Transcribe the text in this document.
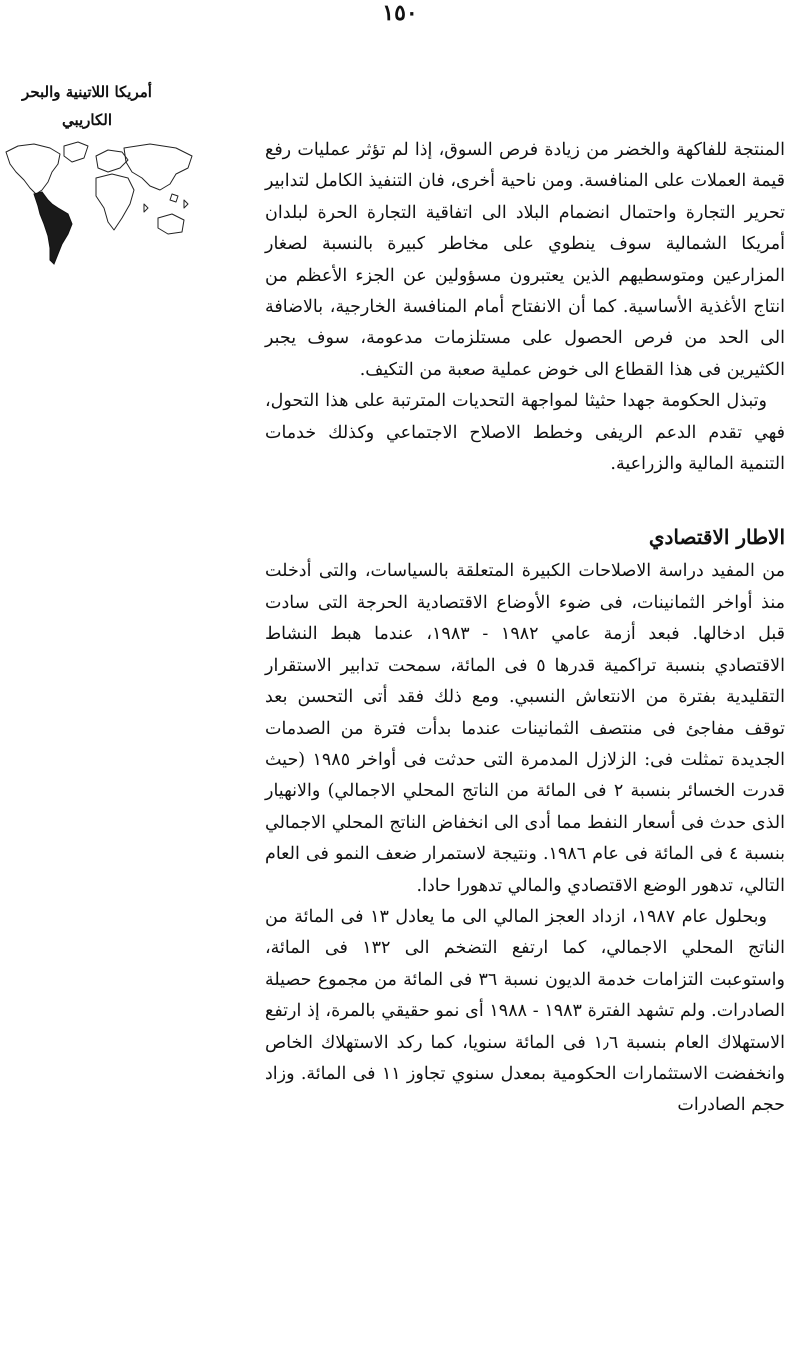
١٥٠
أمريكا اللاتينية والبحر الكاريبي

المنتجة للفاكهة والخضر من زيادة فرص السوق، إذا لم تؤثر عمليات رفع قيمة العملات على المنافسة. ومن ناحية أخرى، فان التنفيذ الكامل لتدابير تحرير التجارة واحتمال انضمام البلاد الى اتفاقية التجارة الحرة لبلدان أمريكا الشمالية سوف ينطوي على مخاطر كبيرة بالنسبة لصغار المزارعين ومتوسطيهم الذين يعتبرون مسؤولين عن الجزء الأعظم من انتاج الأغذية الأساسية. كما أن الانفتاح أمام المنافسة الخارجية، بالاضافة الى الحد من فرص الحصول على مستلزمات مدعومة، سوف يجبر الكثيرين فى هذا القطاع الى خوض عملية صعبة من التكيف.

وتبذل الحكومة جهدا حثيثا لمواجهة التحديات المترتبة على هذا التحول، فهي تقدم الدعم الريفى وخطط الاصلاح الاجتماعي وكذلك خدمات التنمية المالية والزراعية.

الاطار الاقتصادي

من المفيد دراسة الاصلاحات الكبيرة المتعلقة بالسياسات، والتى أدخلت منذ أواخر الثمانينات، فى ضوء الأوضاع الاقتصادية الحرجة التى سادت قبل ادخالها. فبعد أزمة عامي ١٩٨٢ - ١٩٨٣، عندما هبط النشاط الاقتصادي بنسبة تراكمية قدرها ٥ فى المائة، سمحت تدابير الاستقرار التقليدية بفترة من الانتعاش النسبي. ومع ذلك فقد أتى التحسن بعد توقف مفاجئ فى منتصف الثمانينات عندما بدأت فترة من الصدمات الجديدة تمثلت فى: الزلازل المدمرة التى حدثت فى أواخر ١٩٨٥ (حيث قدرت الخسائر بنسبة ٢ فى المائة من الناتج المحلي الاجمالي) والانهيار الذى حدث فى أسعار النفط مما أدى الى انخفاض الناتج المحلي الاجمالي بنسبة ٤ فى المائة فى عام ١٩٨٦. ونتيجة لاستمرار ضعف النمو فى العام التالي، تدهور الوضع الاقتصادي والمالي تدهورا حادا.

وبحلول عام ١٩٨٧، ازداد العجز المالي الى ما يعادل ١٣ فى المائة من الناتج المحلي الاجمالي، كما ارتفع التضخم الى ١٣٢ فى المائة، واستوعبت التزامات خدمة الديون نسبة ٣٦ فى المائة من مجموع حصيلة الصادرات. ولم تشهد الفترة ١٩٨٣ - ١٩٨٨ أى نمو حقيقي بالمرة، إذ ارتفع الاستهلاك العام بنسبة ١٫٦ فى المائة سنويا، كما ركد الاستهلاك الخاص وانخفضت الاستثمارات الحكومية بمعدل سنوي تجاوز ١١ فى المائة. وزاد حجم الصادرات
